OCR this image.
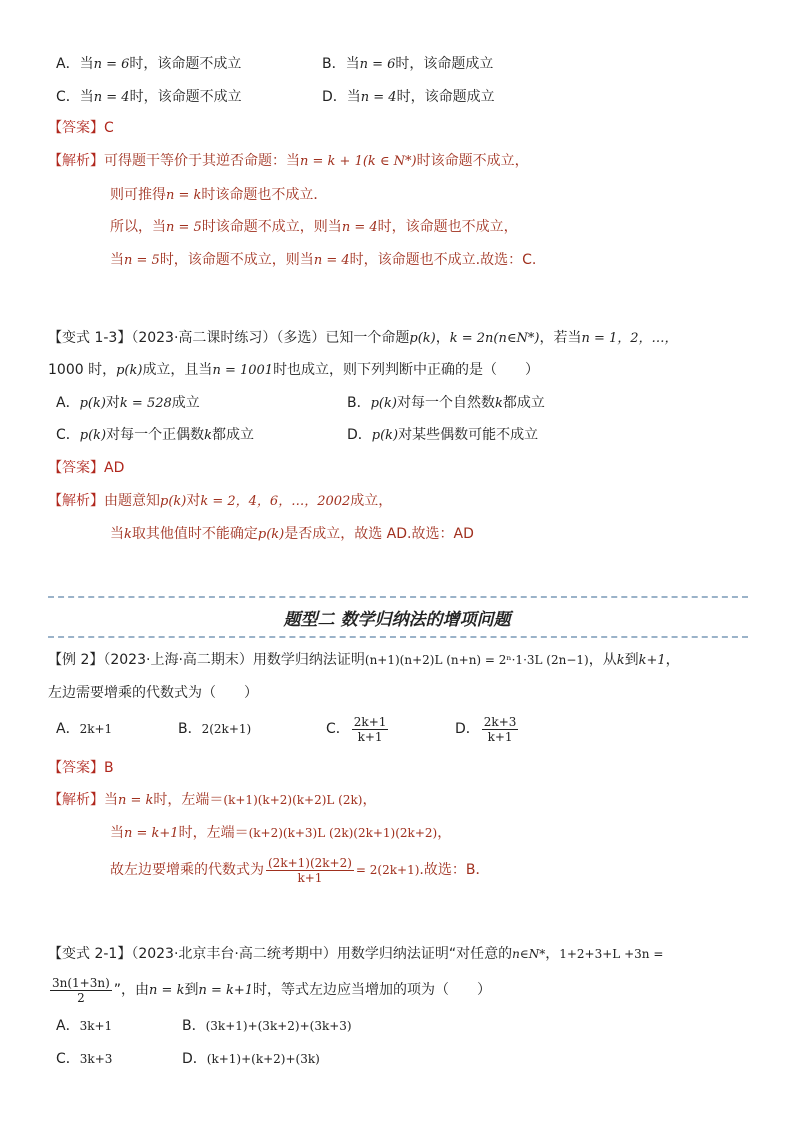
A．当n = 6时，该命题不成立	B．当n = 6时，该命题成立
C．当n = 4时，该命题不成立	D．当n = 4时，该命题成立
【答案】C
【解析】可得题干等价于其逆否命题：当n = k + 1(k ∈ N*)时该命题不成立，
则可推得n = k时该命题也不成立．
所以，当n = 5时该命题不成立，则当n = 4时，该命题也不成立，
当n = 5时，该命题不成立，则当n = 4时，该命题也不成立.故选：C.
【变式 1-3】（2023·高二课时练习）（多选）已知一个命题p(k)，k = 2n(n∈N*)，若当n = 1，2，…，
1000 时，p(k)成立，且当n = 1001时也成立，则下列判断中正确的是（　　）
A．p(k)对k = 528成立	B．p(k)对每一个自然数k都成立
C．p(k)对每一个正偶数k都成立	D．p(k)对某些偶数可能不成立
【答案】AD
【解析】由题意知p(k)对k = 2，4，6，…，2002成立，
当k取其他值时不能确定p(k)是否成立，故选 AD.故选：AD
题型二 数学归纳法的增项问题
【例 2】（2023·上海·高二期末）用数学归纳法证明(n+1)(n+2)L (n+n) = 2ⁿ·1·3L (2n−1)，从k到k+1，
左边需要增乘的代数式为（　　）
A．2k+1	B．2(2k+1)	C． $\frac{2k+1}{k+1}$	D． $\frac{2k+3}{k+1}$
【答案】B
【解析】当n = k时，左端＝(k+1)(k+2)(k+2)L (2k)，
当n = k+1时，左端＝(k+2)(k+3)L (2k)(2k+1)(2k+2)，
故左边要增乘的代数式为 $\frac{(2k+1)(2k+2)}{k+1} = 2(2k+1)$.故选：B．
【变式 2-1】（2023·北京丰台·高二统考期中）用数学归纳法证明“对任意的n∈N*，1+2+3+L +3n =
$\frac{3n(1+3n)}{2}$ ”，由n = k到n = k+1时，等式左边应当增加的项为（　　）
A．3k+1	B．(3k+1)+(3k+2)+(3k+3)
C．3k+3	D．(k+1)+(k+2)+(3k)
